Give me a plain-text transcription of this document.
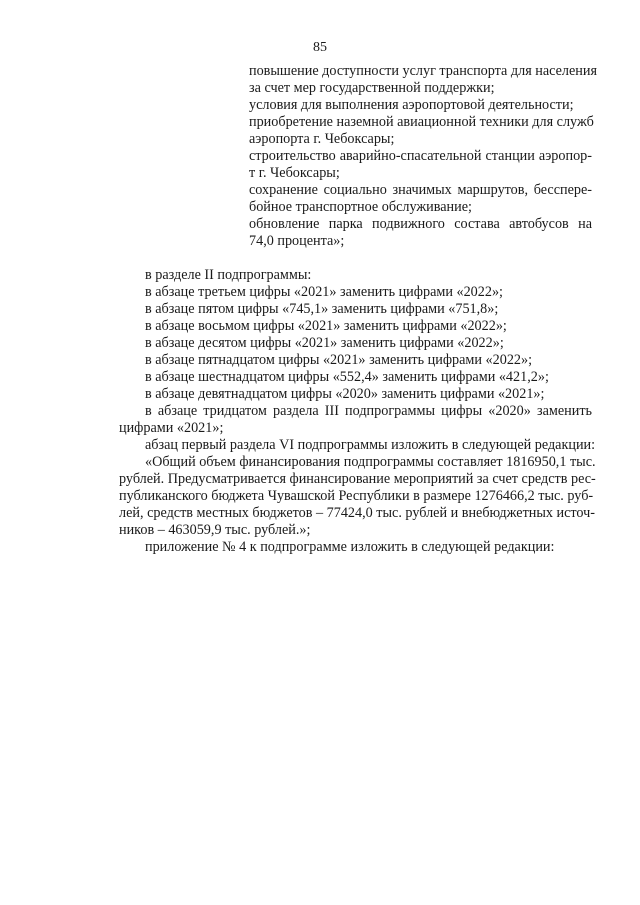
85
повышение доступности услуг транспорта для населения
за счет мер государственной поддержки;
условия для выполнения аэропортовой деятельности;
приобретение наземной авиационной техники для служб
аэропорта г. Чебоксары;
строительство аварийно-спасательной станции аэропор-
т г. Чебоксары;
сохранение социально значимых маршрутов, бесспере-
бойное транспортное обслуживание;
обновление парка подвижного состава автобусов на
74,0 процента»;
в разделе II подпрограммы:
в абзаце третьем цифры «2021» заменить цифрами «2022»;
в абзаце пятом цифры «745,1» заменить цифрами «751,8»;
в абзаце восьмом цифры «2021» заменить цифрами «2022»;
в абзаце десятом цифры «2021» заменить цифрами «2022»;
в абзаце пятнадцатом цифры «2021» заменить цифрами «2022»;
в абзаце шестнадцатом цифры «552,4» заменить цифрами «421,2»;
в абзаце девятнадцатом цифры «2020» заменить цифрами «2021»;
в абзаце тридцатом раздела III подпрограммы цифры «2020» заменить
цифрами «2021»;
абзац первый раздела VI подпрограммы изложить в следующей редакции:
«Общий объем финансирования подпрограммы составляет 1816950,1 тыс.
рублей. Предусматривается финансирование мероприятий за счет средств рес-
публиканского бюджета Чувашской Республики в размере 1276466,2 тыс. руб-
лей, средств местных бюджетов – 77424,0 тыс. рублей и внебюджетных источ-
ников – 463059,9 тыс. рублей.»;
приложение № 4 к подпрограмме изложить в следующей редакции:
